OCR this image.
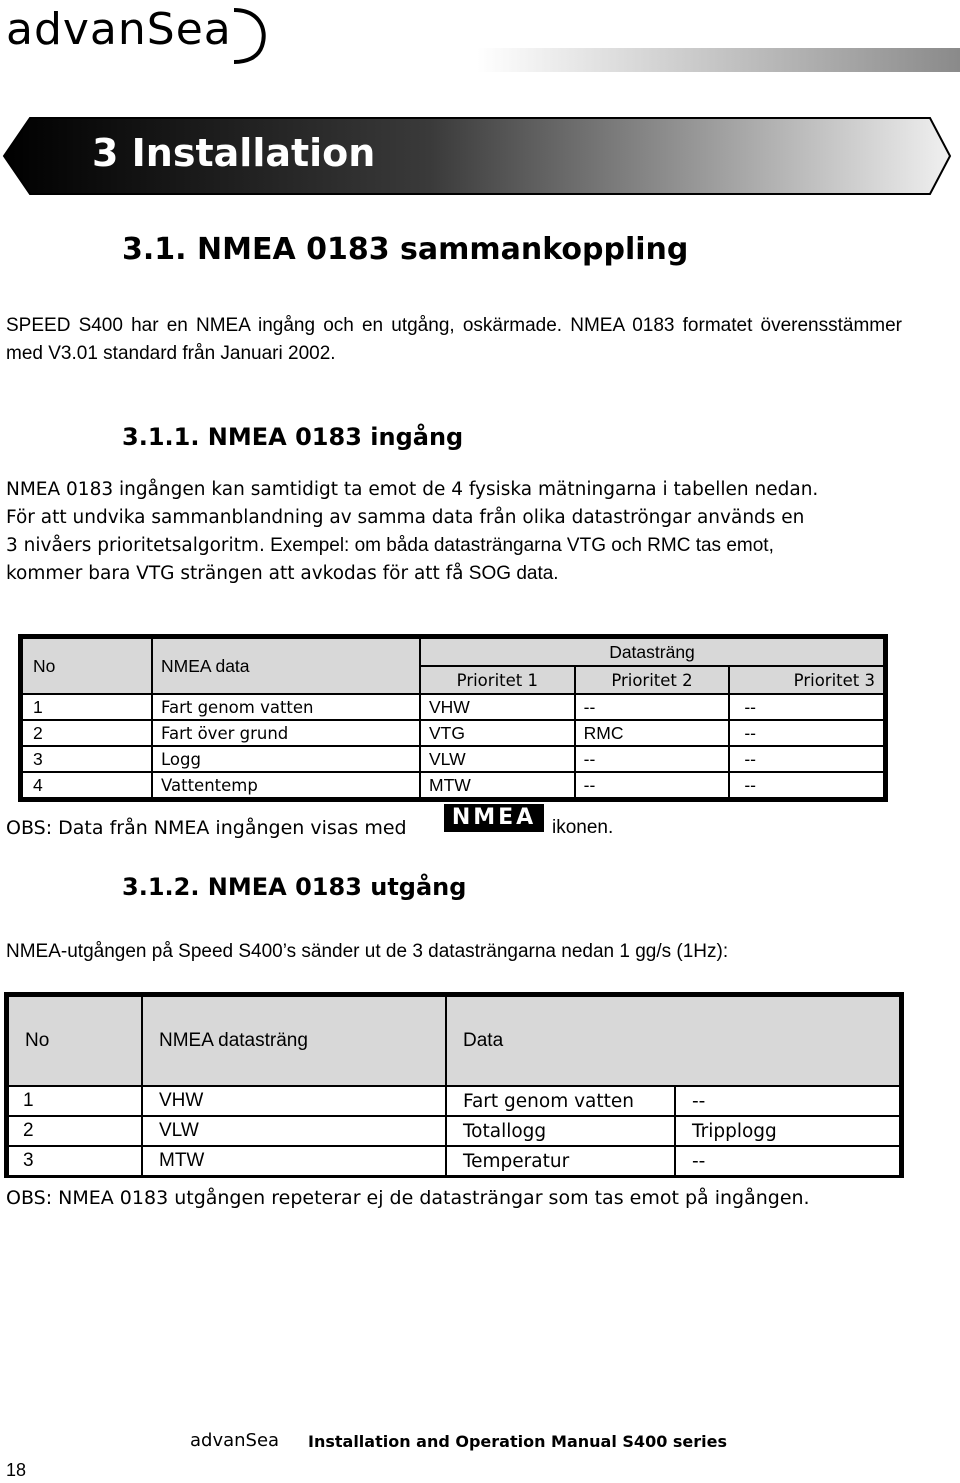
advanSea
3 Installation
3.1. NMEA 0183 sammankoppling

SPEED S400 har en NMEA ingång och en utgång, oskärmade. NMEA 0183 formatet överensstämmer med V3.01 standard från Januari 2002.

3.1.1. NMEA 0183 ingång
NMEA 0183 ingången kan samtidigt ta emot de 4 fysiska mätningarna i tabellen nedan.
För att undvika sammanblandning av samma data från olika dataströngar används en
3 nivåers prioritetsalgoritm. Exempel: om båda datasträngarna VTG och RMC tas emot,
kommer bara VTG strängen att avkodas för att få SOG data.
No	NMEA data	Datasträng		
		Prioritet 1	Prioritet 2	Prioritet 3
1	Fart genom vatten	VHW	--	--
2	Fart över grund	VTG	RMC	--
3	Logg	VLW	--	--
4	Vattentemp	MTW	--	--
OBS: Data från NMEA ingången visas med	NMEA ikonen.
3.1.2. NMEA 0183 utgång
NMEA-utgången på Speed S400’s sänder ut de 3 datasträngarna nedan 1 gg/s (1Hz):
No	NMEA datasträng	Data	
1	VHW	Fart genom vatten	--
2	VLW	Totallogg	Tripplogg
3	MTW	Temperatur	--
OBS: NMEA 0183 utgången repeterar ej de datasträngar som tas emot på ingången.
advanSea Installation and Operation Manual S400 series
18
